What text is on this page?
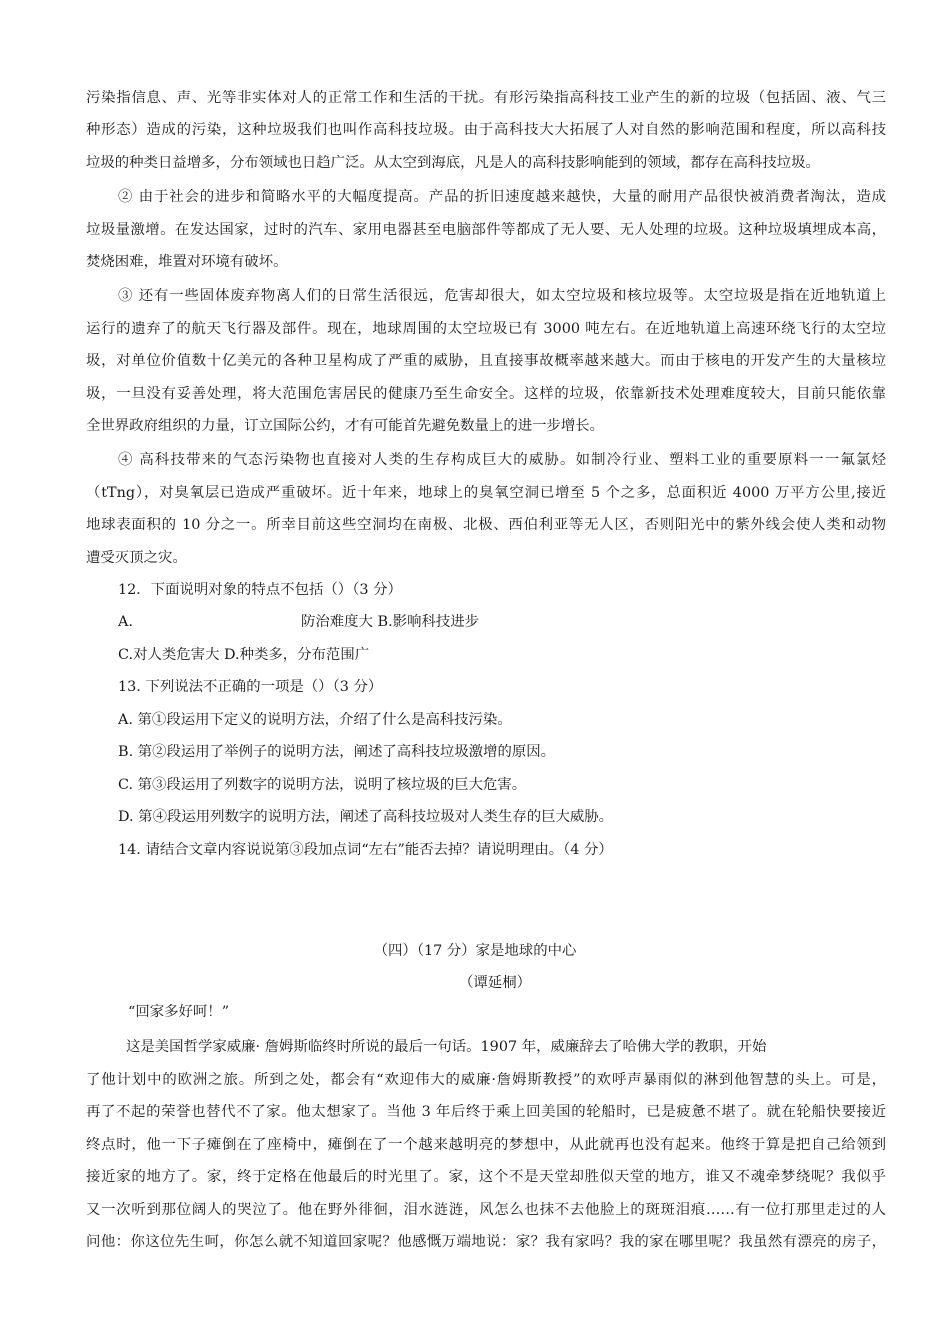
污染指信息、声、光等非实体对人的正常工作和生活的干扰。有形污染指高科技工业产生的新的垃圾（包括固、液、气三

种形态）造成的污染，这种垃圾我们也叫作高科技垃圾。由于高科技大大拓展了人对自然的影响范围和程度，所以高科技

垃圾的种类日益增多，分布领域也日趋广泛。从太空到海底，凡是人的高科技影响能到的领域，都存在高科技垃圾。

② 由于社会的进步和简略水平的大幅度提高。产品的折旧速度越来越快，大量的耐用产品很快被消费者淘汰，造成

垃圾量激增。在发达国家，过时的汽车、家用电器甚至电脑部件等都成了无人要、无人处理的垃圾。这种垃圾填埋成本高，

焚烧困难，堆置对环境有破坏。

③ 还有一些固体废弃物离人们的日常生活很远，危害却很大，如太空垃圾和核垃圾等。太空垃圾是指在近地轨道上

运行的遗弃了的航天飞行器及部件。现在，地球周围的太空垃圾已有 3000 吨左右。在近地轨道上高速环绕飞行的太空垃

圾，对单位价值数十亿美元的各种卫星构成了严重的威胁，且直接事故概率越来越大。而由于核电的开发产生的大量核垃

圾，一旦没有妥善处理，将大范围危害居民的健康乃至生命安全。这样的垃圾，依靠新技术处理难度较大，目前只能依靠

全世界政府组织的力量，订立国际公约，才有可能首先避免数量上的进一步增长。

④ 高科技带来的气态污染物也直接对人类的生存构成巨大的威胁。如制冷行业、塑料工业的重要原料一一氟氯烃

（tTng），对臭氧层已造成严重破坏。近十年来，地球上的臭氧空洞已增至 5 个之多，总面积近 4000 万平方公里,接近

地球表面积的 10 分之一。所幸目前这些空洞均在南极、北极、西伯利亚等无人区，否则阳光中的紫外线会使人类和动物

遭受灭顶之灾。

12．下面说明对象的特点不包括（）（3 分）

A.	防治难度大 B.影响科技进步

C.对人类危害大 D.种类多，分布范围广

13. 下列说法不正确的一项是（）（3 分）

A. 第①段运用下定义的说明方法，介绍了什么是高科技污染。

B. 第②段运用了举例子的说明方法，阐述了高科技垃圾激增的原因。

C. 第③段运用了列数字的说明方法，说明了核垃圾的巨大危害。

D. 第④段运用列数字的说明方法，阐述了高科技垃圾对人类生存的巨大威胁。

14. 请结合文章内容说说第③段加点词“左右”能否去掉？请说明理由。（4 分）

（四）（17 分）家是地球的中心

（谭延桐）

“回家多好呵！”

这是美国哲学家威廉· 詹姆斯临终时所说的最后一句话。1907 年，威廉辞去了哈佛大学的教职，开始

了他计划中的欧洲之旅。所到之处，都会有“欢迎伟大的威廉·詹姆斯教授”的欢呼声暴雨似的淋到他智慧的头上。可是，

再了不起的荣誉也替代不了家。他太想家了。当他 3 年后终于乘上回美国的轮船时，已是疲惫不堪了。就在轮船快要接近

终点时，他一下子瘫倒在了座椅中，瘫倒在了一个越来越明亮的梦想中，从此就再也没有起来。他终于算是把自己给领到

接近家的地方了。家，终于定格在他最后的时光里了。家，这个不是天堂却胜似天堂的地方，谁又不魂牵梦绕呢？我似乎

又一次听到那位阔人的哭泣了。他在野外徘徊，泪水涟涟，风怎么也抹不去他脸上的斑斑泪痕……有一位打那里走过的人

问他：你这位先生呵，你怎么就不知道回家呢？他感慨万端地说：家？我有家吗？我的家在哪里呢？我虽然有漂亮的房子，
